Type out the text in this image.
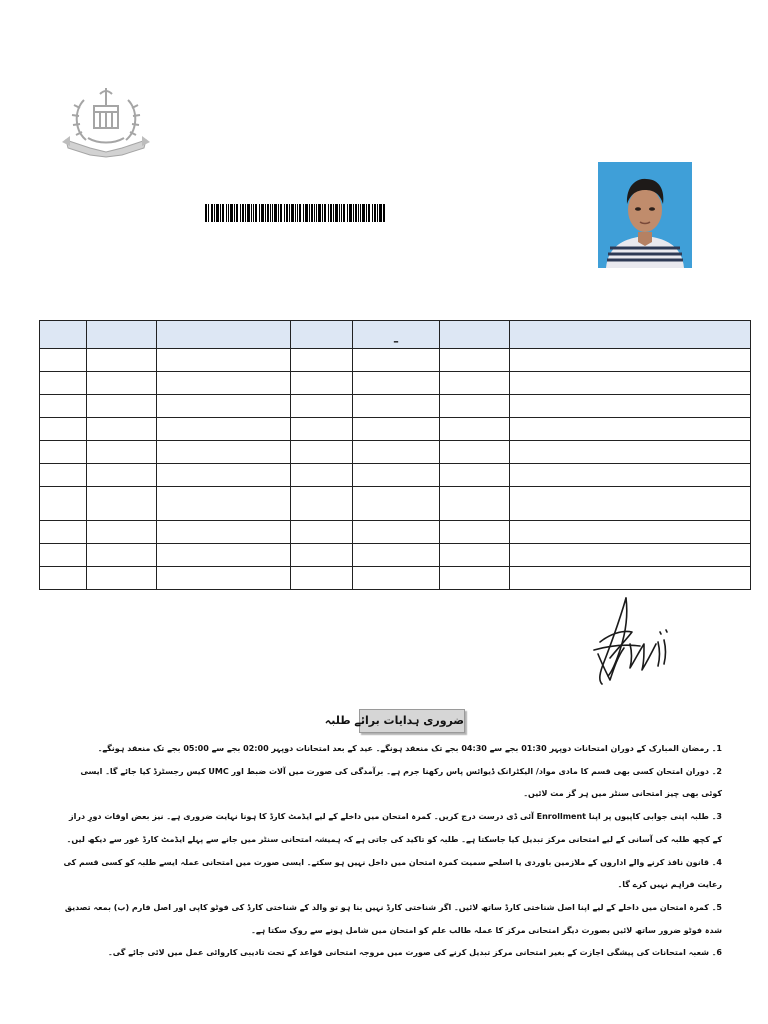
				–		

ضروری ہدایات برائے طلبہ

1۔ رمضان المبارک کے دوران امتحانات دوپہر 01:30 بجے سے 04:30 بجے تک منعقد ہونگے۔ عید کے بعد امتحانات دوپہر 02:00 بجے سے 05:00 بجے تک منعقد ہونگے۔

2۔ دوران امتحان کسی بھی قسم کا مادی مواد/ الیکٹرانک ڈیوائس پاس رکھنا جرم ہے۔ برآمدگی کی صورت میں آلات ضبط اور UMC کیس رجسٹرڈ کیا جائے گا۔ ایسی کوئی بھی چیز امتحانی سنٹر میں ہر گز مت لائیں۔

3۔ طلبہ اپنی جوابی کاپیوں پر اپنا Enrollment آئی ڈی درست درج کریں۔ کمرہ امتحان میں داخلے کے لیے ایڈمٹ کارڈ کا ہونا نہایت ضروری ہے۔ نیز بعض اوقات دورِ دراز کے کچھ طلبہ کی آسانی کے لیے امتحانی مرکز تبدیل کیا جاسکتا ہے۔ طلبہ کو تاکید کی جاتی ہے کہ ہمیشہ امتحانی سنٹر میں جانے سے پہلے ایڈمٹ کارڈ غور سے دیکھ لیں۔

4۔ قانون نافذ کرنے والے اداروں کے ملازمین باوردی یا اسلحے سمیت کمرہ امتحان میں داخل نہیں ہو سکتے۔ ایسی صورت میں امتحانی عملہ ایسے طلبہ کو کسی قسم کی رعایت فراہم نہیں کرے گا۔

5۔ کمرہ امتحان میں داخلے کے لیے اپنا اصل شناختی کارڈ ساتھ لائیں۔ اگر شناختی کارڈ نہیں بنا ہو تو والد کے شناختی کارڈ کی فوٹو کاپی اور اصل فارم (ب) بمعہ تصدیق شدہ فوٹو ضرور ساتھ لائیں بصورت دیگر امتحانی مرکز کا عملہ طالب علم کو امتحان میں شامل ہونے سے روک سکتا ہے۔

6۔ شعبہ امتحانات کی پیشگی اجازت کے بغیر امتحانی مرکز تبدیل کرنے کی صورت میں مروجہ امتحانی قواعد کے تحت تادیبی کاروائی عمل میں لائی جائے گی۔
